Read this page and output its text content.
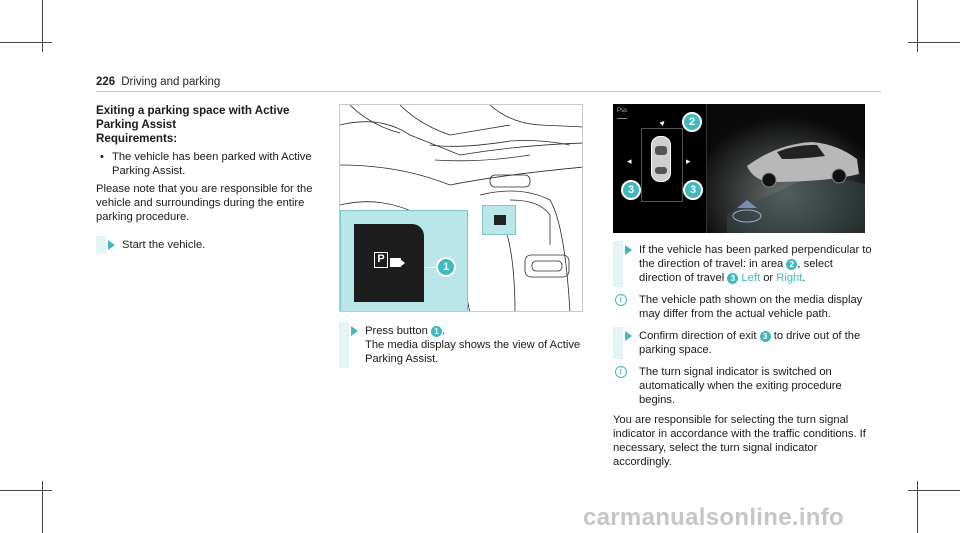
226 Driving and parking
Exiting a parking space with Active Parking Assist
Requirements:
• The vehicle has been parked with Active Parking Assist.
Please note that you are responsible for the vehicle and surroundings during the entire parking procedure.
Start the vehicle.
P
1
Press button 1 .
The media display shows the view of Active Parking Assist.
Pss
◂	▸
▲	2
3	3
If the vehicle has been parked perpendicular to the direction of travel: in area 2 , select direction of travel 3 Left or Right.
i	The vehicle path shown on the media display may differ from the actual vehicle path.
Confirm direction of exit 3 to drive out of the parking space.
i	The turn signal indicator is switched on automatically when the exiting procedure begins.
You are responsible for selecting the turn signal indicator in accordance with the traffic conditions. If necessary, select the turn signal indicator accordingly.
carmanualsonline.info
